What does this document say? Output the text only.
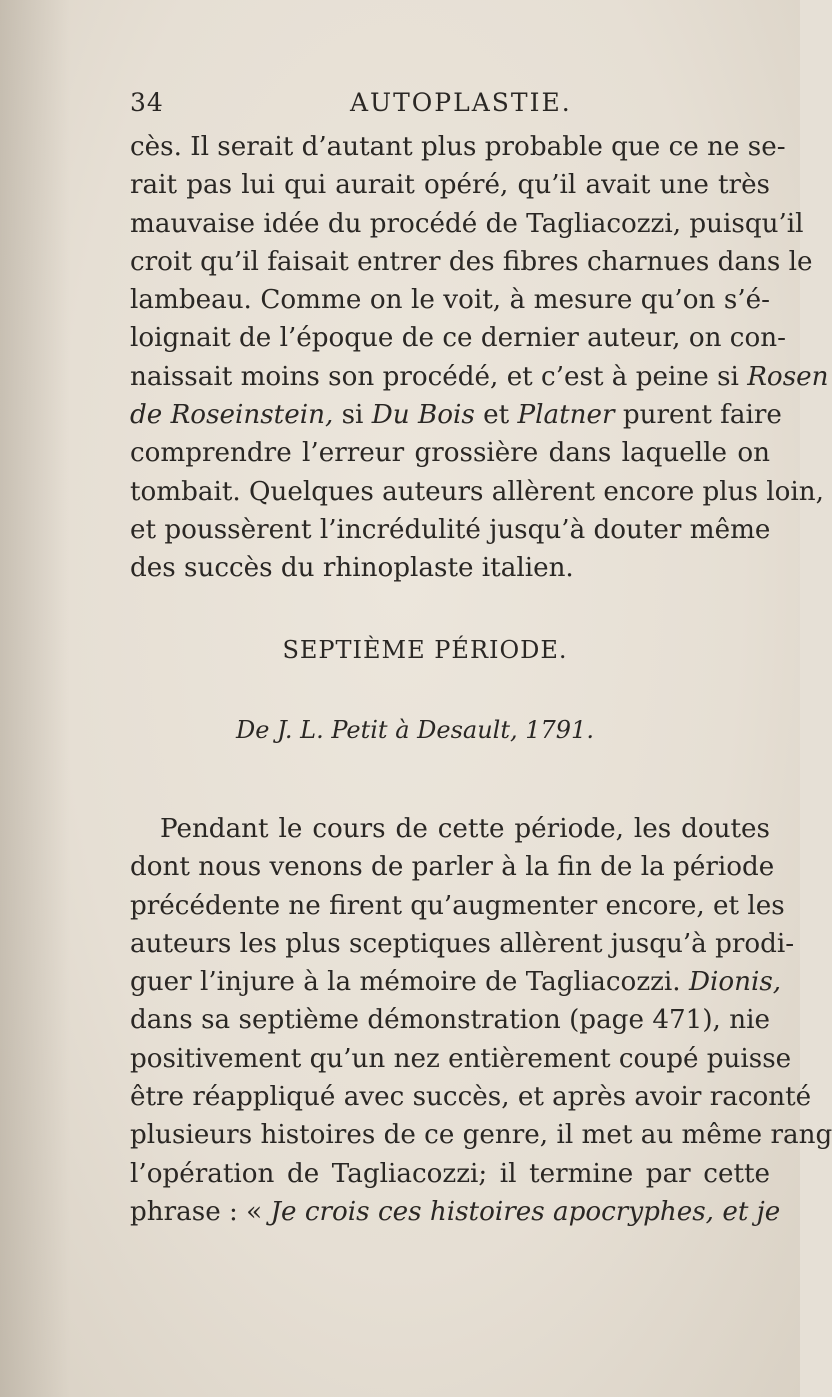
34	AUTOPLASTIE.
cès. Il serait d’autant plus probable que ce ne se-
rait pas lui qui aurait opéré, qu’il avait une très
mauvaise idée du procédé de Tagliacozzi, puisqu’il
croit qu’il faisait entrer des fibres charnues dans le
lambeau. Comme on le voit, à mesure qu’on s’é-
loignait de l’époque de ce dernier auteur, on con-
naissait moins son procédé, et c’est à peine si Rosen
de Roseinstein, si Du Bois et Platner purent faire
comprendre l’erreur grossière dans laquelle on
tombait. Quelques auteurs allèrent encore plus loin,
et poussèrent l’incrédulité jusqu’à douter même
des succès du rhinoplaste italien.
SEPTIÈME PÉRIODE.
De J. L. Petit à Desault, 1791.
Pendant le cours de cette période, les doutes
dont nous venons de parler à la fin de la période
précédente ne firent qu’augmenter encore, et les
auteurs les plus sceptiques allèrent jusqu’à prodi-
guer l’injure à la mémoire de Tagliacozzi. Dionis,
dans sa septième démonstration (page 471), nie
positivement qu’un nez entièrement coupé puisse
être réappliqué avec succès, et après avoir raconté
plusieurs histoires de ce genre, il met au même rang
l’opération de Tagliacozzi; il termine par cette
phrase : « Je crois ces histoires apocryphes, et je
